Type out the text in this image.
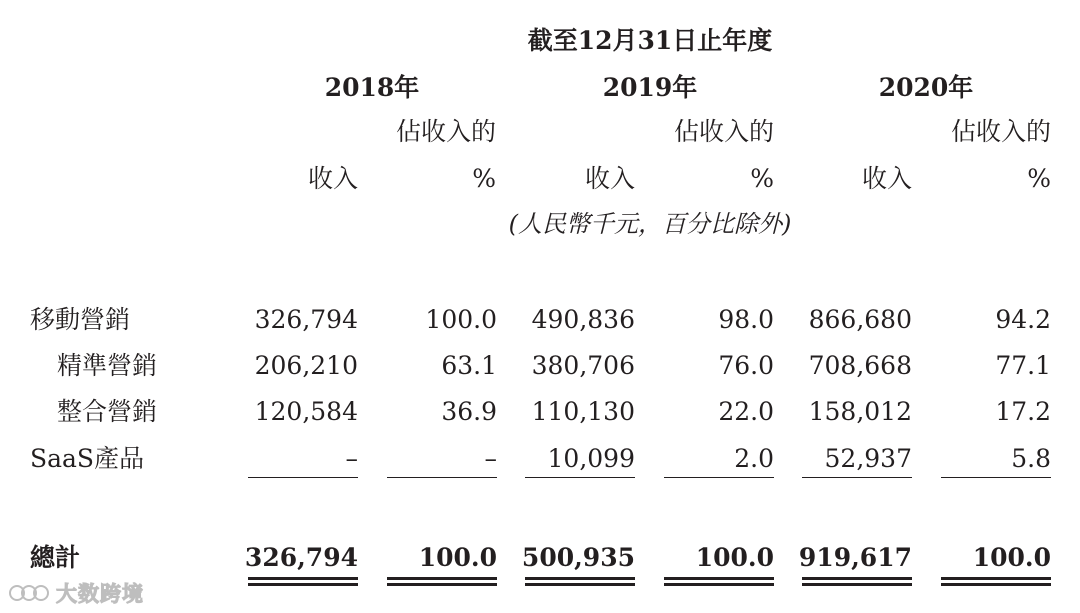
截至12月31日止年度
2018年	2019年	2020年
佔收入的	佔收入的	佔收入的
收入	%	收入	%	收入	%
(人民幣千元，百分比除外)
移動營銷	326,794	100.0	490,836	98.0	866,680	94.2
精準營銷	206,210	63.1	380,706	76.0	708,668	77.1
整合營銷	120,584	36.9	110,130	22.0	158,012	17.2
SaaS產品	–	–	10,099	2.0	52,937	5.8
總計	326,794	100.0 500,935	100.0 919,617	100.0
大数跨境
